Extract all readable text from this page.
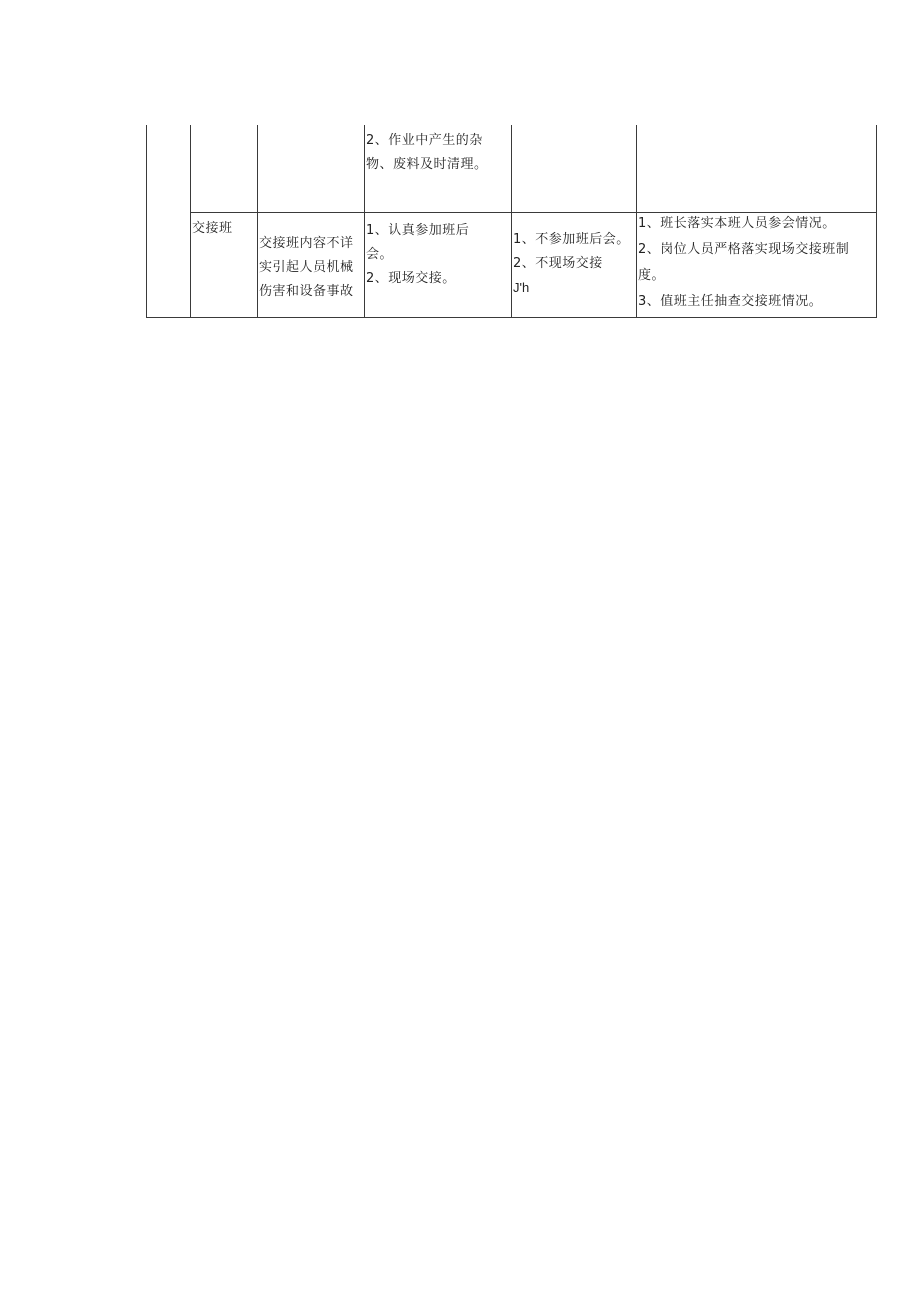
2、作业中产生的杂
物、废料及时清理。
交接班
交接班内容不详
实引起人员机械
伤害和设备事故
1、认真参加班后
会。
2、现场交接。
1、不参加班后会。
2、不现场交接
J'h
1、班长落实本班人员参会情况。
2、岗位人员严格落实现场交接班制
度。
3、值班主任抽查交接班情况。
